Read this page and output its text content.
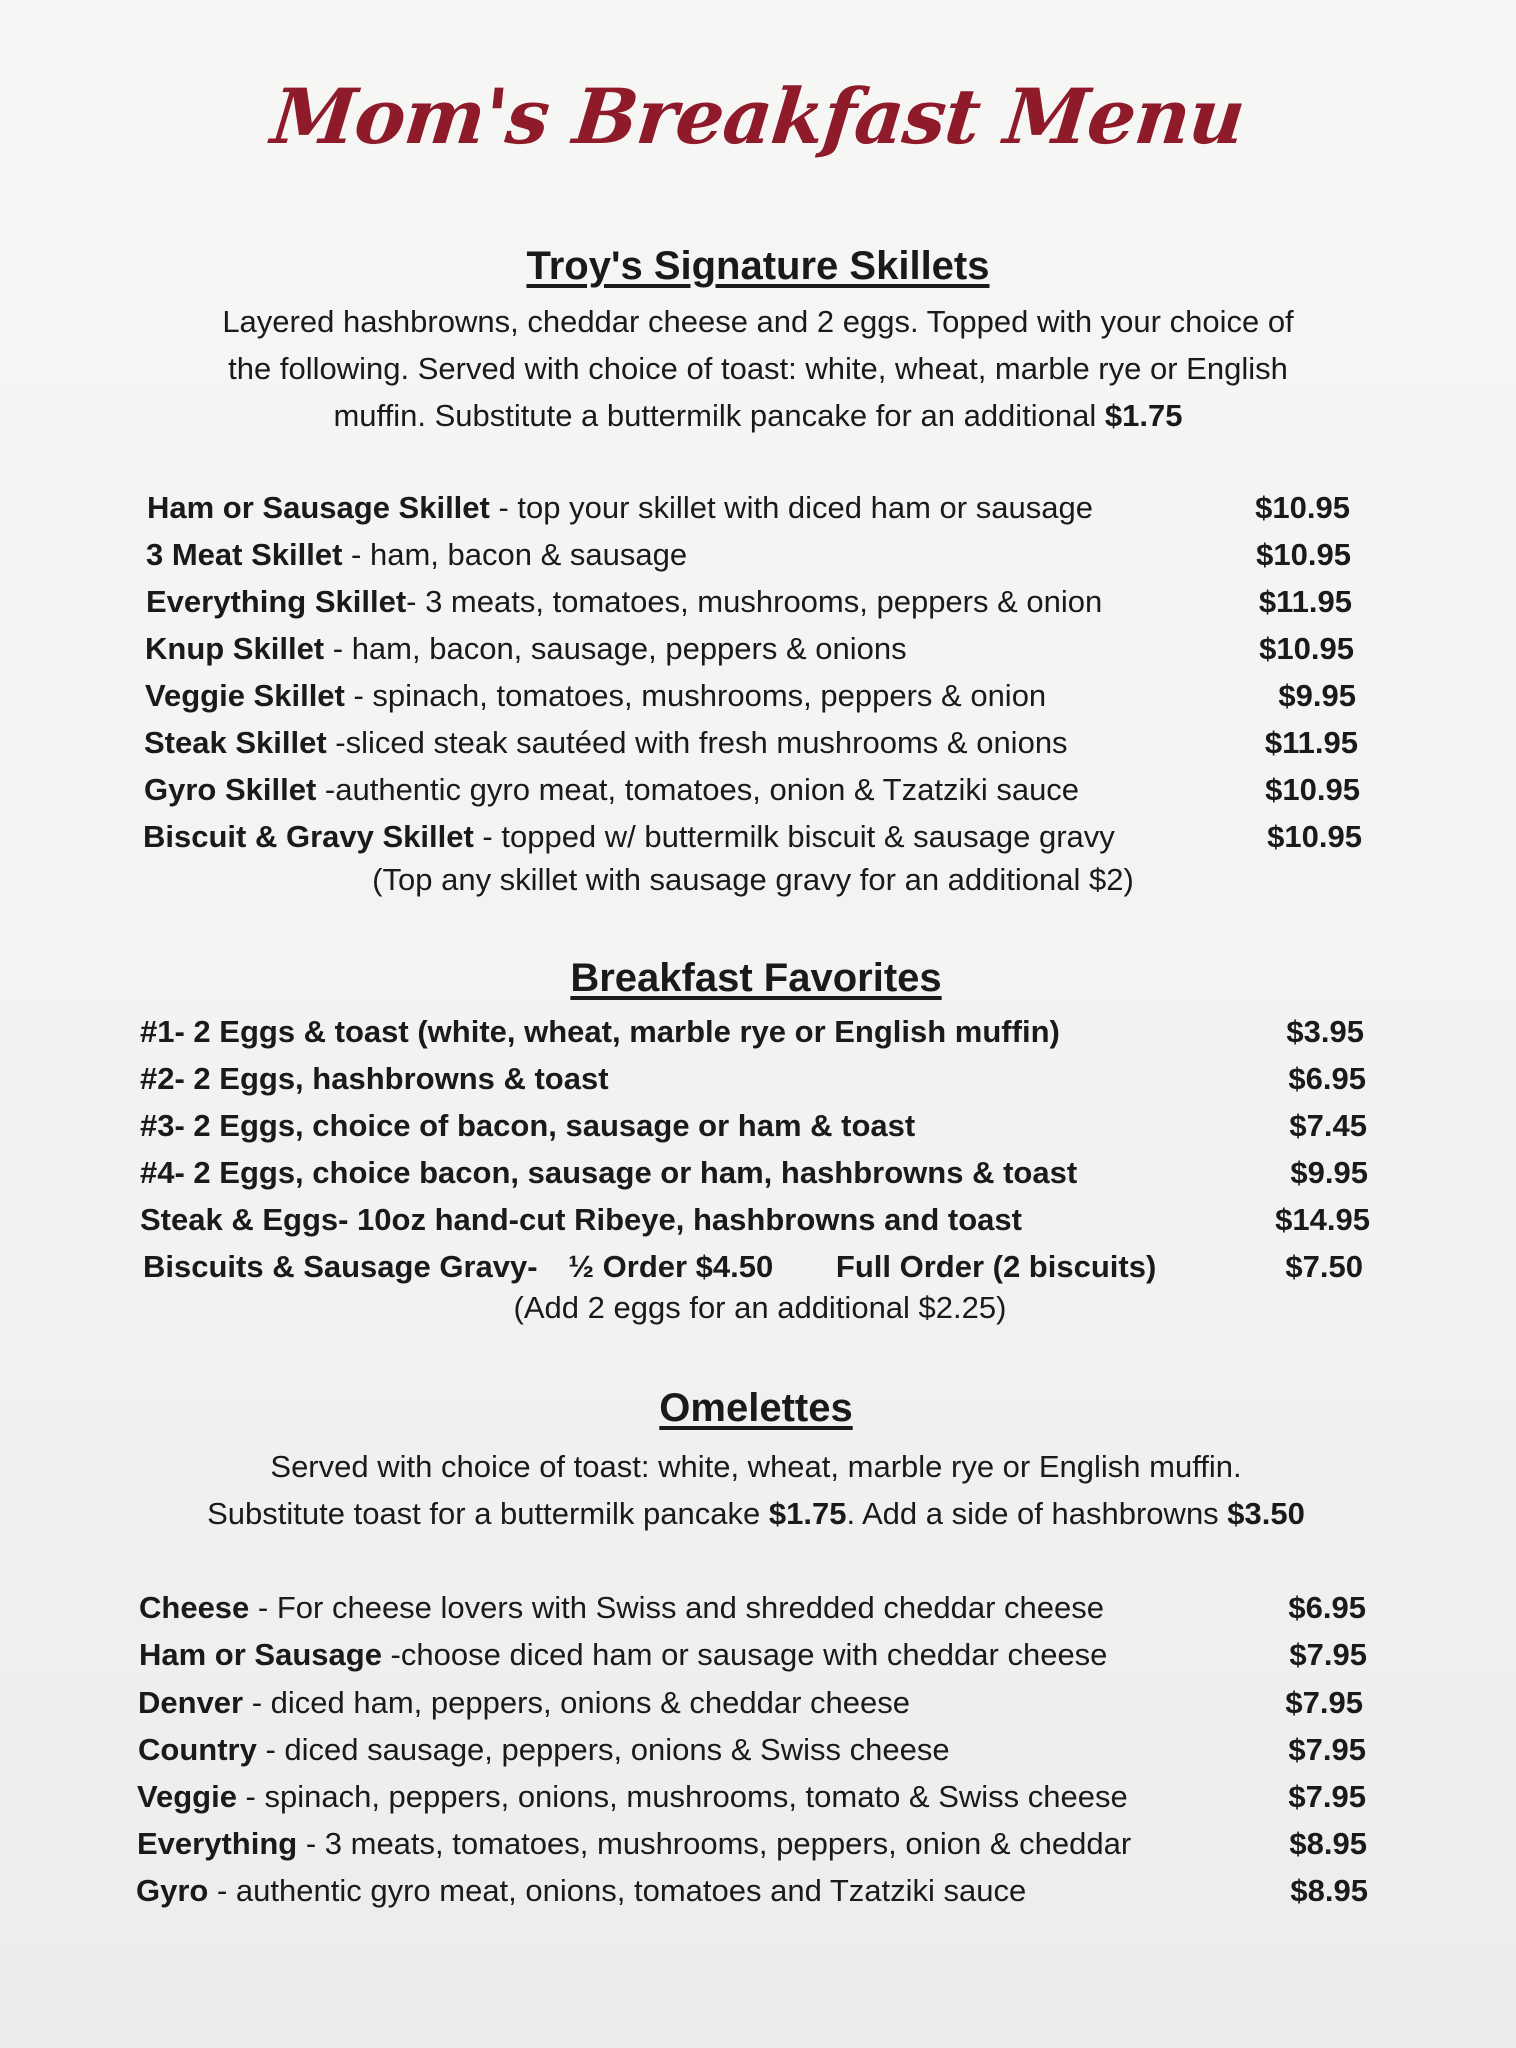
Mom's Breakfast Menu
Troy's Signature Skillets
Layered hashbrowns, cheddar cheese and 2 eggs. Topped with your choice of
the following. Served with choice of toast: white, wheat, marble rye or English
muffin. Substitute a buttermilk pancake for an additional $1.75
Ham or Sausage Skillet - top your skillet with diced ham or sausage	$10.95
3 Meat Skillet - ham, bacon & sausage	$10.95
Everything Skillet- 3 meats, tomatoes, mushrooms, peppers & onion	$11.95
Knup Skillet - ham, bacon, sausage, peppers & onions	$10.95
Veggie Skillet - spinach, tomatoes, mushrooms, peppers & onion	$9.95
Steak Skillet -sliced steak sautéed with fresh mushrooms & onions	$11.95
Gyro Skillet -authentic gyro meat, tomatoes, onion & Tzatziki sauce	$10.95
Biscuit & Gravy Skillet - topped w/ buttermilk biscuit & sausage gravy	$10.95
(Top any skillet with sausage gravy for an additional $2)
Breakfast Favorites
#1- 2 Eggs & toast (white, wheat, marble rye or English muffin)	$3.95
#2- 2 Eggs, hashbrowns & toast	$6.95
#3- 2 Eggs, choice of bacon, sausage or ham & toast	$7.45
#4- 2 Eggs, choice bacon, sausage or ham, hashbrowns & toast	$9.95
Steak & Eggs- 10oz hand-cut Ribeye, hashbrowns and toast	$14.95
Biscuits & Sausage Gravy- ½ Order $4.50 Full Order (2 biscuits)	$7.50
(Add 2 eggs for an additional $2.25)
Omelettes
Served with choice of toast: white, wheat, marble rye or English muffin.
Substitute toast for a buttermilk pancake $1.75. Add a side of hashbrowns $3.50
Cheese - For cheese lovers with Swiss and shredded cheddar cheese	$6.95
Ham or Sausage -choose diced ham or sausage with cheddar cheese	$7.95
Denver - diced ham, peppers, onions & cheddar cheese	$7.95
Country - diced sausage, peppers, onions & Swiss cheese	$7.95
Veggie - spinach, peppers, onions, mushrooms, tomato & Swiss cheese	$7.95
Everything - 3 meats, tomatoes, mushrooms, peppers, onion & cheddar	$8.95
Gyro - authentic gyro meat, onions, tomatoes and Tzatziki sauce	$8.95
